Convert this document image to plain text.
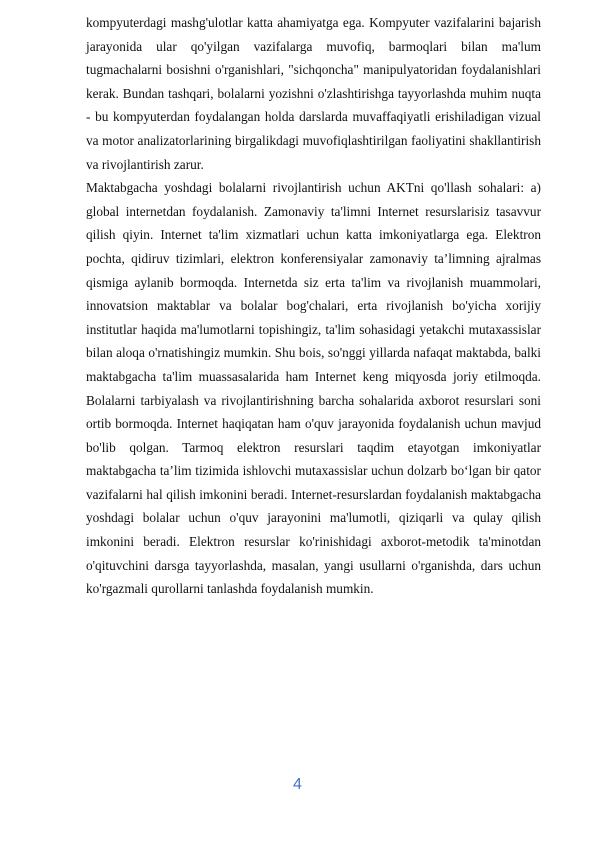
kompyuterdagi mashg'ulotlar katta ahamiyatga ega. Kompyuter vazifalarini bajarish jarayonida ular qo'yilgan vazifalarga muvofiq, barmoqlari bilan ma'lum tugmachalarni bosishni o'rganishlari, "sichqoncha" manipulyatoridan foydalanishlari kerak. Bundan tashqari, bolalarni yozishni o'zlashtirishga tayyorlashda muhim nuqta - bu kompyuterdan foydalangan holda darslarda muvaffaqiyatli erishiladigan vizual va motor analizatorlarining birgalikdagi muvofiqlashtirilgan faoliyatini shakllantirish va rivojlantirish zarur.

Maktabgacha yoshdagi bolalarni rivojlantirish uchun AKTni qo'llash sohalari: a) global internetdan foydalanish. Zamonaviy ta'limni Internet resurslarisiz tasavvur qilish qiyin. Internet ta'lim xizmatlari uchun katta imkoniyatlarga ega. Elektron pochta, qidiruv tizimlari, elektron konferensiyalar zamonaviy ta’limning ajralmas qismiga aylanib bormoqda. Internetda siz erta ta'lim va rivojlanish muammolari, innovatsion maktablar va bolalar bog'chalari, erta rivojlanish bo'yicha xorijiy institutlar haqida ma'lumotlarni topishingiz, ta'lim sohasidagi yetakchi mutaxassislar bilan aloqa o'rnatishingiz mumkin. Shu bois, so'nggi yillarda nafaqat maktabda, balki maktabgacha ta'lim muassasalarida ham Internet keng miqyosda joriy etilmoqda. Bolalarni tarbiyalash va rivojlantirishning barcha sohalarida axborot resurslari soni ortib bormoqda. Internet haqiqatan ham o'quv jarayonida foydalanish uchun mavjud bo'lib qolgan. Tarmoq elektron resurslari taqdim etayotgan imkoniyatlar maktabgacha ta’lim tizimida ishlovchi mutaxassislar uchun dolzarb bo‘lgan bir qator vazifalarni hal qilish imkonini beradi. Internet-resurslardan foydalanish maktabgacha yoshdagi bolalar uchun o'quv jarayonini ma'lumotli, qiziqarli va qulay qilish imkonini beradi. Elektron resurslar ko'rinishidagi axborot-metodik ta'minotdan o'qituvchini darsga tayyorlashda, masalan, yangi usullarni o'rganishda, dars uchun ko'rgazmali qurollarni tanlashda foydalanish mumkin.

4
